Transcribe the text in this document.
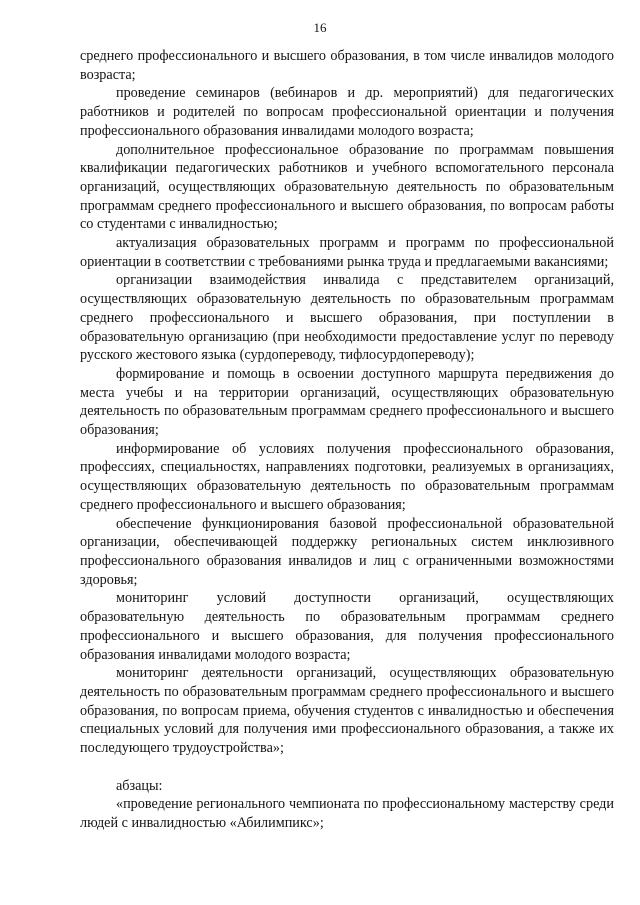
16

среднего профессионального и высшего образования, в том числе инвалидов молодого возраста;

проведение семинаров (вебинаров и др. мероприятий) для педагогических работников и родителей по вопросам профессиональной ориентации и получения профессионального образования инвалидами молодого возраста;

дополнительное профессиональное образование по программам повышения квалификации педагогических работников и учебного вспомогательного персонала организаций, осуществляющих образовательную деятельность по образовательным программам среднего профессионального и высшего образования, по вопросам работы со студентами с инвалидностью;

актуализация образовательных программ и программ по профессиональной ориентации в соответствии с требованиями рынка труда и предлагаемыми вакансиями;

организации взаимодействия инвалида с представителем организаций, осуществляющих образовательную деятельность по образовательным программам среднего профессионального и высшего образования, при поступлении в образовательную организацию (при необходимости предоставление услуг по переводу русского жестового языка (сурдопереводу, тифлосурдопереводу);

формирование и помощь в освоении доступного маршрута передвижения до места учебы и на территории организаций, осуществляющих образовательную деятельность по образовательным программам среднего профессионального и высшего образования;

информирование об условиях получения профессионального образования, профессиях, специальностях, направлениях подготовки, реализуемых в организациях, осуществляющих образовательную деятельность по образовательным программам среднего профессионального и высшего образования;

обеспечение функционирования базовой профессиональной образовательной организации, обеспечивающей поддержку региональных систем инклюзивного профессионального образования инвалидов и лиц с ограниченными возможностями здоровья;

мониторинг условий доступности организаций, осуществляющих образовательную деятельность по образовательным программам среднего профессионального и высшего образования, для получения профессионального образования инвалидами молодого возраста;

мониторинг деятельности организаций, осуществляющих образовательную деятельность по образовательным программам среднего профессионального и высшего образования, по вопросам приема, обучения студентов с инвалидностью и обеспечения специальных условий для получения ими профессионального образования, а также их последующего трудоустройства»;

абзацы:

«проведение регионального чемпионата по профессиональному мастерству среди людей с инвалидностью «Абилимпикс»;
